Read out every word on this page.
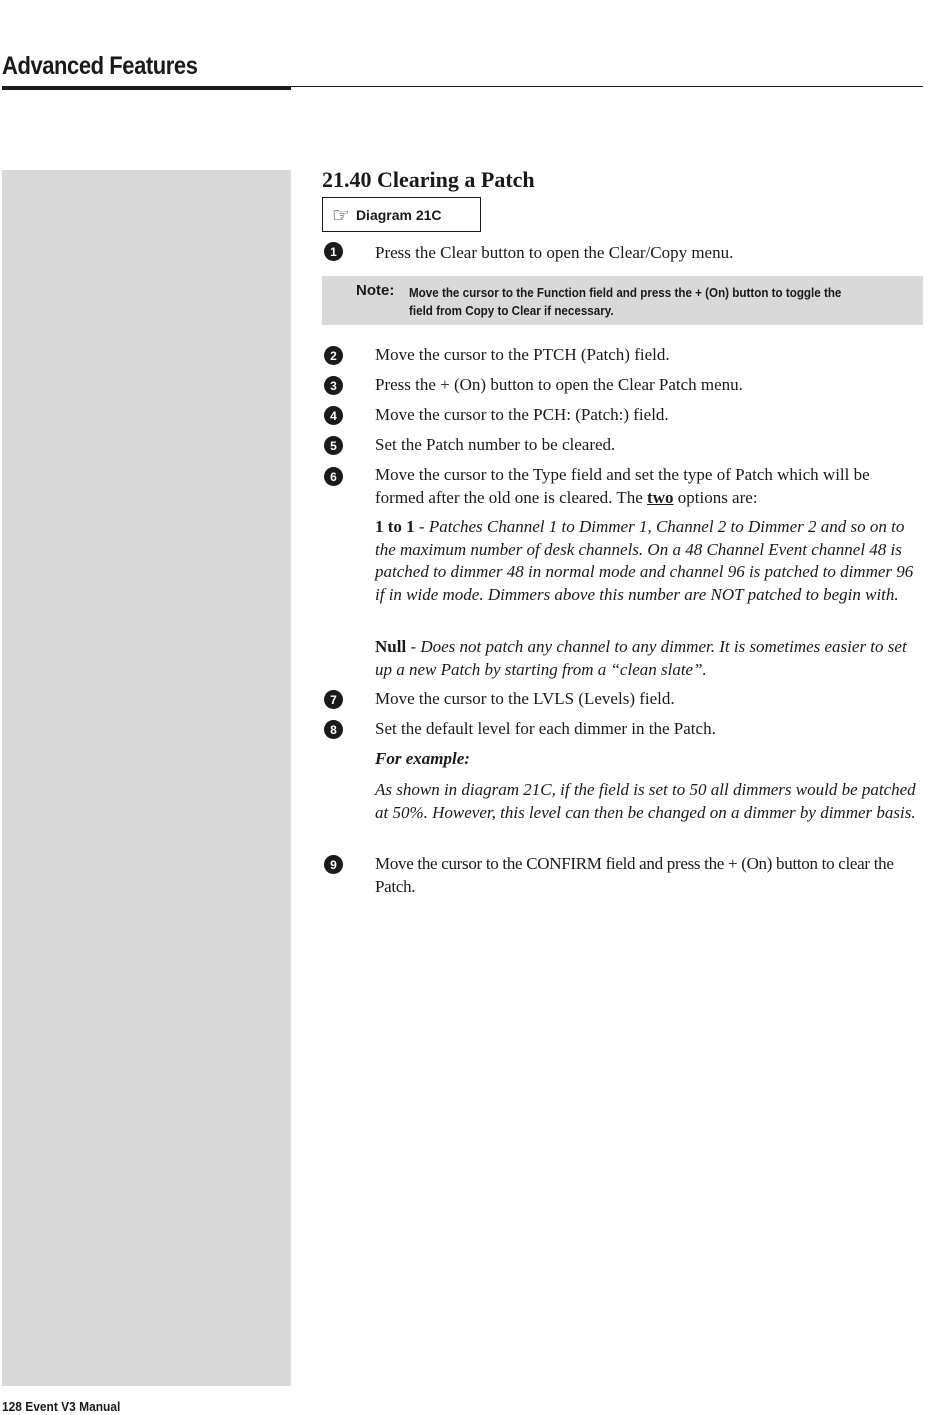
Advanced Features
21.40 Clearing a Patch
☞ Diagram 21C
1	Press the Clear button to open the Clear/Copy menu.
Note: Move the cursor to the Function field and press the + (On) button to toggle the field from Copy to Clear if necessary.
2	Move the cursor to the PTCH (Patch) field.
3	Press the + (On) button to open the Clear Patch menu.
4	Move the cursor to the PCH: (Patch:) field.
5	Set the Patch number to be cleared.
6	Move the cursor to the Type field and set the type of Patch which will be formed after the old one is cleared. The two options are:
1 to 1 - Patches Channel 1 to Dimmer 1, Channel 2 to Dimmer 2 and so on to the maximum number of desk channels. On a 48 Channel Event channel 48 is patched to dimmer 48 in normal mode and channel 96 is patched to dimmer 96 if in wide mode. Dimmers above this number are NOT patched to begin with.
Null - Does not patch any channel to any dimmer. It is sometimes easier to set up a new Patch by starting from a “clean slate”.
7	Move the cursor to the LVLS (Levels) field.
8	Set the default level for each dimmer in the Patch.
For example:
As shown in diagram 21C, if the field is set to 50 all dimmers would be patched at 50%. However, this level can then be changed on a dimmer by dimmer basis.
9	Move the cursor to the CONFIRM field and press the + (On) button to clear the Patch.
128 Event V3 Manual
